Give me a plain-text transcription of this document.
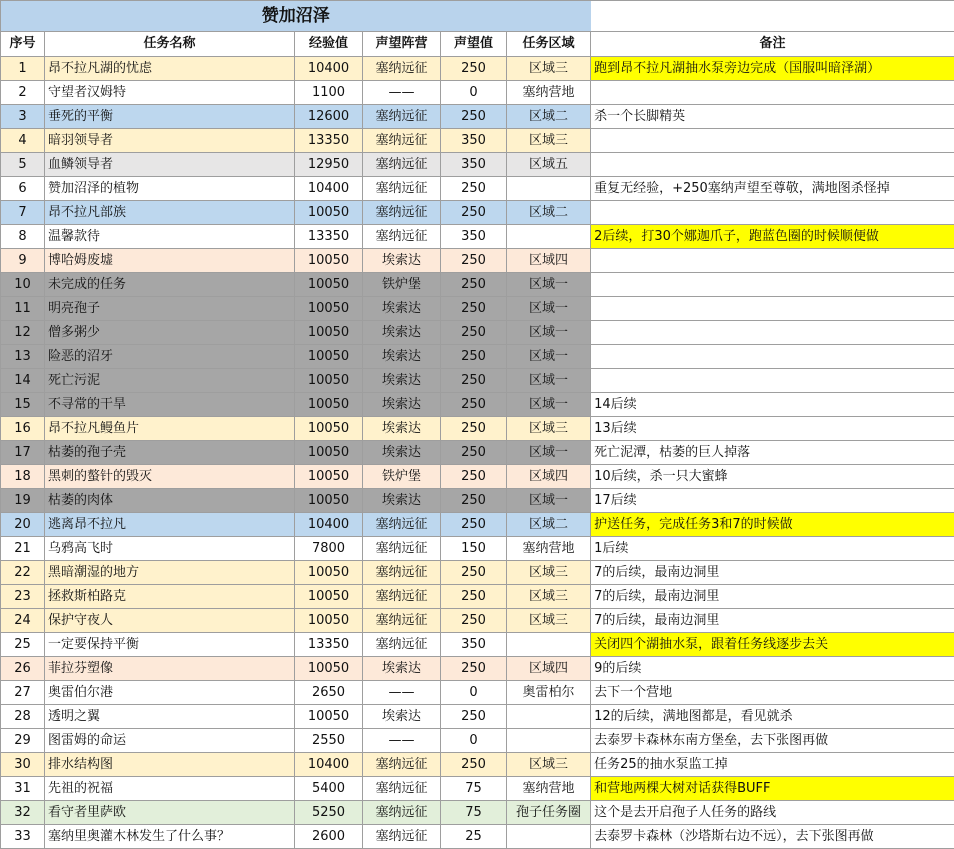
赞加沼泽						
序号	任务名称	经验值	声望阵营	声望值	任务区域	备注
1	昂不拉凡湖的忧虑	10400	塞纳远征	250	区域三	跑到昂不拉凡湖抽水泵旁边完成（国服叫暗泽湖）
2	守望者汉姆特	1100	——	0	塞纳营地	
3	垂死的平衡	12600	塞纳远征	250	区域二	杀一个长脚精英
4	暗羽领导者	13350	塞纳远征	350	区域三	
5	血鳞领导者	12950	塞纳远征	350	区域五	
6	赞加沼泽的植物	10400	塞纳远征	250		重复无经验，+250塞纳声望至尊敬，满地图杀怪掉
7	昂不拉凡部族	10050	塞纳远征	250	区域二	
8	温馨款待	13350	塞纳远征	350		2后续，打30个娜迦爪子，跑蓝色圈的时候顺便做
9	博哈姆废墟	10050	埃索达	250	区域四	
10	未完成的任务	10050	铁炉堡	250	区域一	
11	明亮孢子	10050	埃索达	250	区域一	
12	僧多粥少	10050	埃索达	250	区域一	
13	险恶的沼牙	10050	埃索达	250	区域一	
14	死亡污泥	10050	埃索达	250	区域一	
15	不寻常的干旱	10050	埃索达	250	区域一	14后续
16	昂不拉凡鳗鱼片	10050	埃索达	250	区域三	13后续
17	枯萎的孢子壳	10050	埃索达	250	区域一	死亡泥潭，枯萎的巨人掉落
18	黑刺的螯针的毁灭	10050	铁炉堡	250	区域四	10后续，杀一只大蜜蜂
19	枯萎的肉体	10050	埃索达	250	区域一	17后续
20	逃离昂不拉凡	10400	塞纳远征	250	区域二	护送任务，完成任务3和7的时候做
21	乌鸦高飞时	7800	塞纳远征	150	塞纳营地	1后续
22	黑暗潮湿的地方	10050	塞纳远征	250	区域三	7的后续，最南边洞里
23	拯救斯柏路克	10050	塞纳远征	250	区域三	7的后续，最南边洞里
24	保护守夜人	10050	塞纳远征	250	区域三	7的后续，最南边洞里
25	一定要保持平衡	13350	塞纳远征	350		关闭四个湖抽水泵，跟着任务线逐步去关
26	菲拉芬塑像	10050	埃索达	250	区域四	9的后续
27	奥雷伯尔港	2650	——	0	奥雷柏尔	去下一个营地
28	透明之翼	10050	埃索达	250		12的后续，满地图都是，看见就杀
29	图雷姆的命运	2550	——	0		去泰罗卡森林东南方堡垒，去下张图再做
30	排水结构图	10400	塞纳远征	250	区域三	任务25的抽水泵监工掉
31	先祖的祝福	5400	塞纳远征	75	塞纳营地	和营地两棵大树对话获得BUFF
32	看守者里萨欧	5250	塞纳远征	75	孢子任务圈	这个是去开启孢子人任务的路线
33	塞纳里奥灌木林发生了什么事？	2600	塞纳远征	25		去泰罗卡森林（沙塔斯右边不远），去下张图再做
